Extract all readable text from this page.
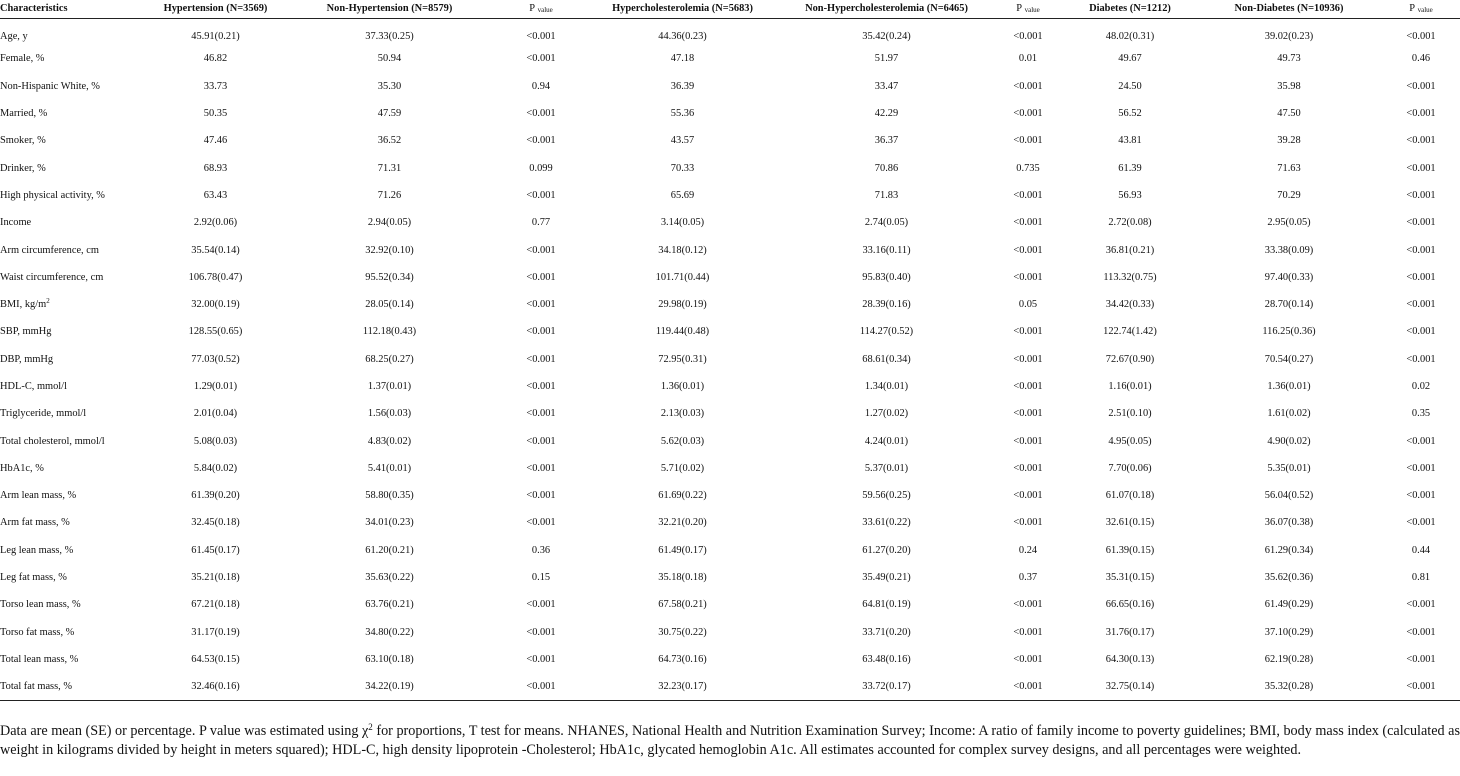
Characteristics	Hypertension (N=3569)	Non-Hypertension (N=8579)	P $_{value}$	Hypercholesterolemia (N=5683)	Non-Hypercholesterolemia (N=6465)	P $_{value}$	Diabetes (N=1212)	Non-Diabetes (N=10936)	P $_{value}$
Age, y	45.91(0.21)	37.33(0.25)	<0.001	44.36(0.23)	35.42(0.24)	<0.001	48.02(0.31)	39.02(0.23)	<0.001
Female, %	46.82	50.94	<0.001	47.18	51.97	0.01	49.67	49.73	0.46
Non-Hispanic White, %	33.73	35.30	0.94	36.39	33.47	<0.001	24.50	35.98	<0.001
Married, %	50.35	47.59	<0.001	55.36	42.29	<0.001	56.52	47.50	<0.001
Smoker, %	47.46	36.52	<0.001	43.57	36.37	<0.001	43.81	39.28	<0.001
Drinker, %	68.93	71.31	0.099	70.33	70.86	0.735	61.39	71.63	<0.001
High physical activity, %	63.43	71.26	<0.001	65.69	71.83	<0.001	56.93	70.29	<0.001
Income	2.92(0.06)	2.94(0.05)	0.77	3.14(0.05)	2.74(0.05)	<0.001	2.72(0.08)	2.95(0.05)	<0.001
Arm circumference, cm	35.54(0.14)	32.92(0.10)	<0.001	34.18(0.12)	33.16(0.11)	<0.001	36.81(0.21)	33.38(0.09)	<0.001
Waist circumference, cm	106.78(0.47)	95.52(0.34)	<0.001	101.71(0.44)	95.83(0.40)	<0.001	113.32(0.75)	97.40(0.33)	<0.001
BMI, $kg/m^2$	32.00(0.19)	28.05(0.14)	<0.001	29.98(0.19)	28.39(0.16)	0.05	34.42(0.33)	28.70(0.14)	<0.001
SBP, mmHg	128.55(0.65)	112.18(0.43)	<0.001	119.44(0.48)	114.27(0.52)	<0.001	122.74(1.42)	116.25(0.36)	<0.001
DBP, mmHg	77.03(0.52)	68.25(0.27)	<0.001	72.95(0.31)	68.61(0.34)	<0.001	72.67(0.90)	70.54(0.27)	<0.001
HDL-C, mmol/l	1.29(0.01)	1.37(0.01)	<0.001	1.36(0.01)	1.34(0.01)	<0.001	1.16(0.01)	1.36(0.01)	0.02
Triglyceride, mmol/l	2.01(0.04)	1.56(0.03)	<0.001	2.13(0.03)	1.27(0.02)	<0.001	2.51(0.10)	1.61(0.02)	0.35
Total cholesterol, mmol/l	5.08(0.03)	4.83(0.02)	<0.001	5.62(0.03)	4.24(0.01)	<0.001	4.95(0.05)	4.90(0.02)	<0.001
HbA1c, %	5.84(0.02)	5.41(0.01)	<0.001	5.71(0.02)	5.37(0.01)	<0.001	7.70(0.06)	5.35(0.01)	<0.001
Arm lean mass, %	61.39(0.20)	58.80(0.35)	<0.001	61.69(0.22)	59.56(0.25)	<0.001	61.07(0.18)	56.04(0.52)	<0.001
Arm fat mass, %	32.45(0.18)	34.01(0.23)	<0.001	32.21(0.20)	33.61(0.22)	<0.001	32.61(0.15)	36.07(0.38)	<0.001
Leg lean mass, %	61.45(0.17)	61.20(0.21)	0.36	61.49(0.17)	61.27(0.20)	0.24	61.39(0.15)	61.29(0.34)	0.44
Leg fat mass, %	35.21(0.18)	35.63(0.22)	0.15	35.18(0.18)	35.49(0.21)	0.37	35.31(0.15)	35.62(0.36)	0.81
Torso lean mass, %	67.21(0.18)	63.76(0.21)	<0.001	67.58(0.21)	64.81(0.19)	<0.001	66.65(0.16)	61.49(0.29)	<0.001
Torso fat mass, %	31.17(0.19)	34.80(0.22)	<0.001	30.75(0.22)	33.71(0.20)	<0.001	31.76(0.17)	37.10(0.29)	<0.001
Total lean mass, %	64.53(0.15)	63.10(0.18)	<0.001	64.73(0.16)	63.48(0.16)	<0.001	64.30(0.13)	62.19(0.28)	<0.001
Total fat mass, %	32.46(0.16)	34.22(0.19)	<0.001	32.23(0.17)	33.72(0.17)	<0.001	32.75(0.14)	35.32(0.28)	<0.001

Data are mean (SE) or percentage. P value was estimated using $\chi^2$ for proportions, T test for means. NHANES, National Health and Nutrition Examination Survey; Income: A ratio of family income to poverty guidelines; BMI, body mass index (calculated as weight in kilograms divided by height in meters squared); HDL-C, high density lipoprotein -Cholesterol; HbA1c, glycated hemoglobin A1c. All estimates accounted for complex survey designs, and all percentages were weighted.
